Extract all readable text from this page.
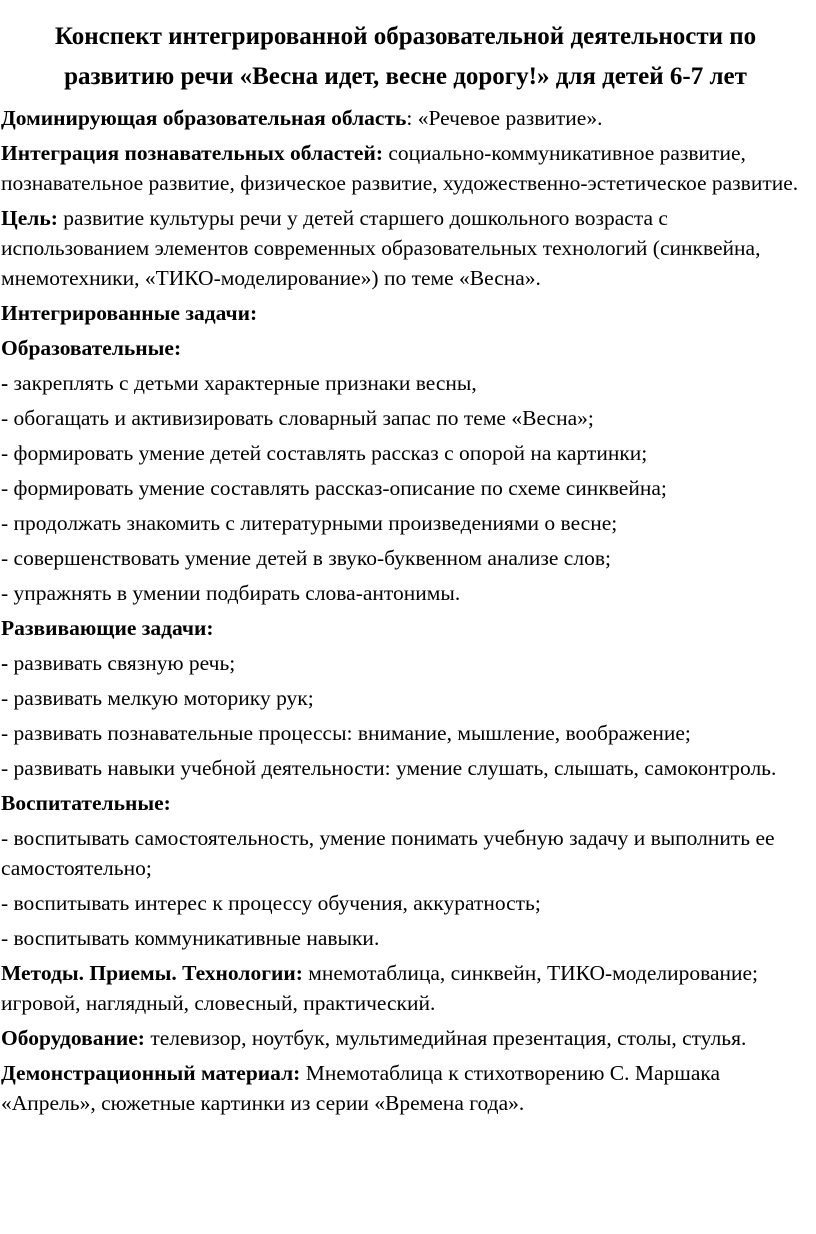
Конспект интегрированной образовательной деятельности по развитию речи «Весна идет, весне дорогу!» для детей 6-7 лет

Доминирующая образовательная область: «Речевое развитие».

Интеграция познавательных областей: социально-коммуникативное развитие, познавательное развитие, физическое развитие, художественно-эстетическое развитие.

Цель: развитие культуры речи у детей старшего дошкольного возраста с использованием элементов современных образовательных технологий (синквейна, мнемотехники, «ТИКО-моделирование») по теме «Весна».

Интегрированные задачи:

Образовательные:

- закреплять с детьми характерные признаки весны,

- обогащать и активизировать словарный запас по теме «Весна»;

- формировать умение детей составлять рассказ с опорой на картинки;

- формировать умение составлять рассказ-описание по схеме синквейна;

- продолжать знакомить с литературными произведениями о весне;

- совершенствовать умение детей в звуко-буквенном анализе слов;

- упражнять в умении подбирать слова-антонимы.

Развивающие задачи:

- развивать связную речь;

- развивать мелкую моторику рук;

- развивать познавательные процессы: внимание, мышление, воображение;

- развивать навыки учебной деятельности: умение слушать, слышать, самоконтроль.

Воспитательные:

- воспитывать самостоятельность, умение понимать учебную задачу и выполнить ее самостоятельно;

- воспитывать интерес к процессу обучения, аккуратность;

- воспитывать коммуникативные навыки.

Методы. Приемы. Технологии: мнемотаблица, синквейн, ТИКО-моделирование; игровой, наглядный, словесный, практический.

Оборудование: телевизор, ноутбук, мультимедийная презентация, столы, стулья.

Демонстрационный материал: Мнемотаблица к стихотворению С. Маршака «Апрель», сюжетные картинки из серии «Времена года».
